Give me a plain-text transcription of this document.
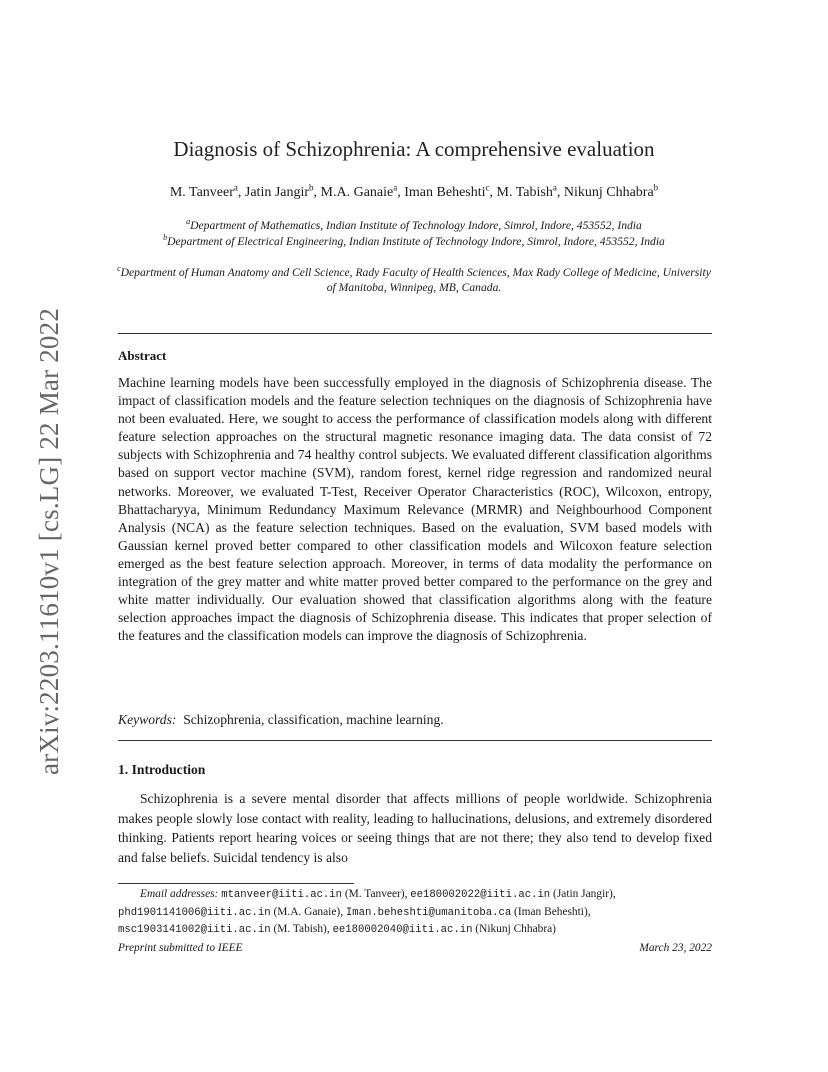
arXiv:2203.11610v1 [cs.LG] 22 Mar 2022
Diagnosis of Schizophrenia: A comprehensive evaluation
M. Tanveer$^a$, Jatin Jangir$^b$, M.A. Ganaie$^a$, Iman Beheshti$^c$, M. Tabish$^a$, Nikunj Chhabra$^b$
$^a$Department of Mathematics, Indian Institute of Technology Indore, Simrol, Indore, 453552, India
$^b$Department of Electrical Engineering, Indian Institute of Technology Indore, Simrol, Indore, 453552, India
$^c$Department of Human Anatomy and Cell Science, Rady Faculty of Health Sciences, Max Rady College of Medicine, University of Manitoba, Winnipeg, MB, Canada.
Abstract
Machine learning models have been successfully employed in the diagnosis of Schizophrenia disease. The impact of classification models and the feature selection techniques on the diagnosis of Schizophrenia have not been evaluated. Here, we sought to access the performance of classification models along with different feature selection approaches on the structural magnetic resonance imaging data. The data consist of 72 subjects with Schizophrenia and 74 healthy control subjects. We evaluated different classification algorithms based on support vector machine (SVM), random forest, kernel ridge regression and randomized neural networks. Moreover, we evaluated T-Test, Receiver Operator Characteristics (ROC), Wilcoxon, entropy, Bhattacharyya, Minimum Redundancy Maximum Relevance (MRMR) and Neighbourhood Component Analysis (NCA) as the feature selection techniques. Based on the evaluation, SVM based models with Gaussian kernel proved better compared to other classification models and Wilcoxon feature selection emerged as the best feature selection approach. Moreover, in terms of data modality the performance on integration of the grey matter and white matter proved better compared to the performance on the grey and white matter individually. Our evaluation showed that classification algorithms along with the feature selection approaches impact the diagnosis of Schizophrenia disease. This indicates that proper selection of the features and the classification models can improve the diagnosis of Schizophrenia.
Keywords: Schizophrenia, classification, machine learning.
1. Introduction
Schizophrenia is a severe mental disorder that affects millions of people worldwide. Schizophrenia makes people slowly lose contact with reality, leading to hallucinations, delusions, and extremely disordered thinking. Patients report hearing voices or seeing things that are not there; they also tend to develop fixed and false beliefs. Suicidal tendency is also
Email addresses: mtanveer@iiti.ac.in (M. Tanveer), ee180002022@iiti.ac.in (Jatin Jangir),
phd1901141006@iiti.ac.in (M.A. Ganaie), Iman.beheshti@umanitoba.ca (Iman Beheshti),
msc1903141002@iiti.ac.in (M. Tabish), ee180002040@iiti.ac.in (Nikunj Chhabra)
Preprint submitted to IEEE	March 23, 2022
